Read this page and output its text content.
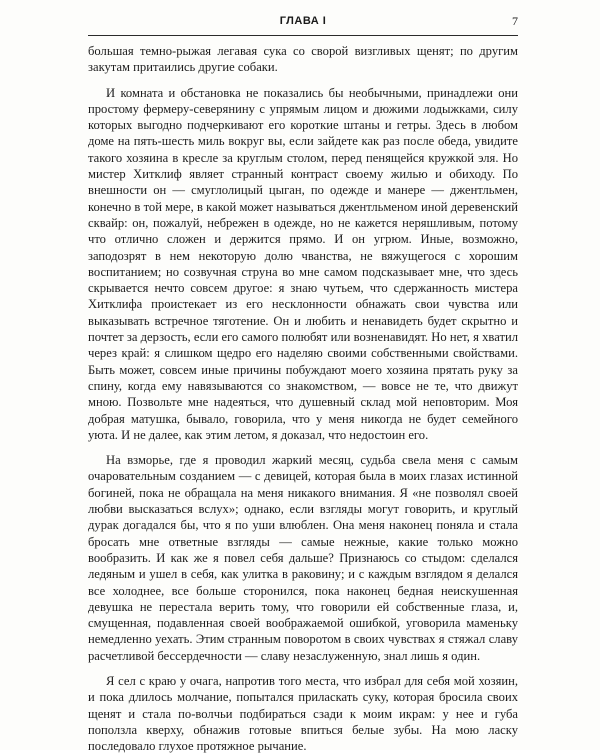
ГЛАВА I	7

большая темно-рыжая легавая сука со сворой визгливых щенят; по другим закутам притаились другие собаки.

И комната и обстановка не показались бы необычными, принадлежи они простому фермеру-северянину с упрямым лицом и дюжими лодыжками, силу которых выгодно подчеркивают его короткие штаны и гетры. Здесь в любом доме на пять-шесть миль вокруг вы, если зайдете как раз после обеда, увидите такого хозяина в кресле за круглым столом, перед пенящейся кружкой эля. Но мистер Хитклиф являет странный контраст своему жилью и обиходу. По внешности он — смуглолицый цыган, по одежде и манере — джентльмен, конечно в той мере, в какой может называться джентльменом иной деревенский сквайр: он, пожалуй, небрежен в одежде, но не кажется неряшливым, потому что отлично сложен и держится прямо. И он угрюм. Иные, возможно, заподозрят в нем некоторую долю чванства, не вяжущегося с хорошим воспитанием; но созвучная струна во мне самом подсказывает мне, что здесь скрывается нечто совсем другое: я знаю чутьем, что сдержанность мистера Хитклифа проистекает из его несклонности обнажать свои чувства или выказывать встречное тяготение. Он и любить и ненавидеть будет скрытно и почтет за дерзость, если его самого полюбят или возненавидят. Но нет, я хватил через край: я слишком щедро его наделяю своими собственными свойствами. Быть может, совсем иные причины побуждают моего хозяина прятать руку за спину, когда ему навязываются со знакомством, — вовсе не те, что движут мною. Позвольте мне надеяться, что душевный склад мой неповторим. Моя добрая матушка, бывало, говорила, что у меня никогда не будет семейного уюта. И не далее, как этим летом, я доказал, что недостоин его.

На взморье, где я проводил жаркий месяц, судьба свела меня с самым очаровательным созданием — с девицей, которая была в моих глазах истинной богиней, пока не обращала на меня никакого внимания. Я «не позволял своей любви высказаться вслух»; однако, если взгляды могут говорить, и круглый дурак догадался бы, что я по уши влюблен. Она меня наконец поняла и стала бросать мне ответные взгляды — самые нежные, какие только можно вообразить. И как же я повел себя дальше? Признаюсь со стыдом: сделался ледяным и ушел в себя, как улитка в раковину; и с каждым взглядом я делался все холоднее, все больше сторонился, пока наконец бедная неискушенная девушка не перестала верить тому, что говорили ей собственные глаза, и, смущенная, подавленная своей воображаемой ошибкой, уговорила маменьку немедленно уехать. Этим странным поворотом в своих чувствах я стяжал славу расчетливой бессердечности — славу незаслуженную, знал лишь я один.

Я сел с краю у очага, напротив того места, что избрал для себя мой хозяин, и пока длилось молчание, попытался приласкать суку, которая бросила своих щенят и стала по-волчьи подбираться сзади к моим икрам: у нее и губа поползла кверху, обнажив готовые впиться белые зубы. На мою ласку последовало глухое протяжное рычание.
